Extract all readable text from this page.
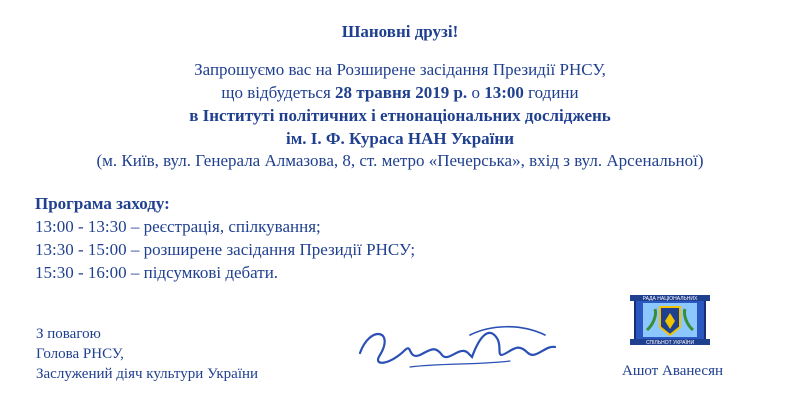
Шановні друзі!
Запрошуємо вас на Розширене засідання Президії РНСУ,
що відбудеться 28 травня 2019 р. о 13:00 години
в Інституті політичних і етнонаціональних досліджень
ім. І. Ф. Кураса НАН України
(м. Київ, вул. Генерала Алмазова, 8, ст. метро «Печерська», вхід з вул. Арсенальної)
Програма заходу:
13:00 - 13:30 – реєстрація, спілкування;
13:30 - 15:00 – розширене засідання Президії РНСУ;
15:30 - 16:00 – підсумкові дебати.
З повагою
Голова РНСУ,
Заслужений діяч культури України
РАДА НАЦІОНАЛЬНИХ
СПІЛЬНОТ УКРАЇНИ
Ашот Аванесян
